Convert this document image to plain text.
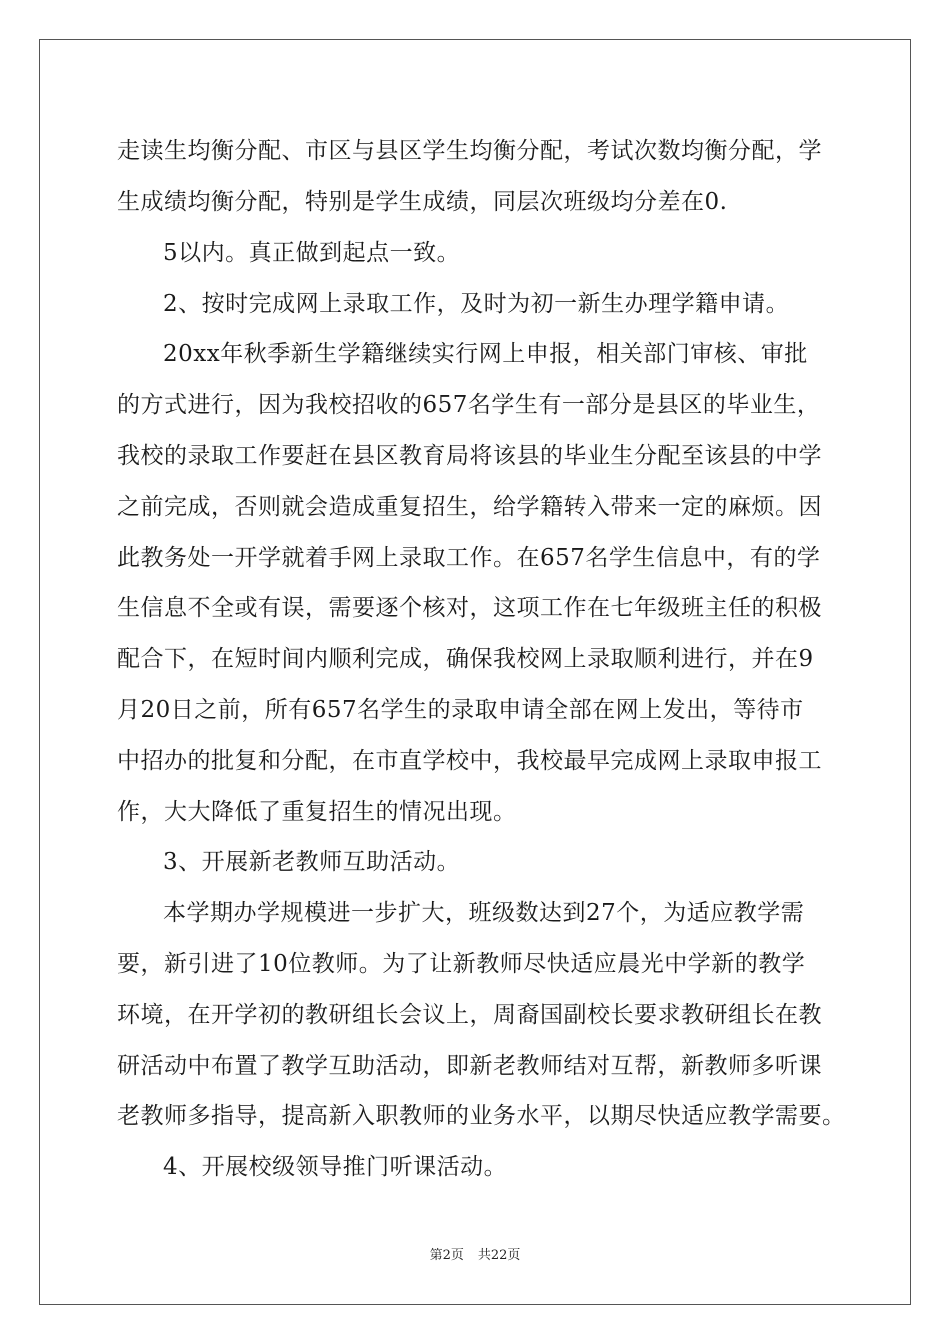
走读生均衡分配、市区与县区学生均衡分配，考试次数均衡分配，学
生成绩均衡分配，特别是学生成绩，同层次班级均分差在0.
5以内。真正做到起点一致。
2、按时完成网上录取工作，及时为初一新生办理学籍申请。
20xx年秋季新生学籍继续实行网上申报，相关部门审核、审批
的方式进行，因为我校招收的657名学生有一部分是县区的毕业生，
我校的录取工作要赶在县区教育局将该县的毕业生分配至该县的中学
之前完成，否则就会造成重复招生，给学籍转入带来一定的麻烦。因
此教务处一开学就着手网上录取工作。在657名学生信息中，有的学
生信息不全或有误，需要逐个核对，这项工作在七年级班主任的积极
配合下，在短时间内顺利完成，确保我校网上录取顺利进行，并在9
月20日之前，所有657名学生的录取申请全部在网上发出，等待市
中招办的批复和分配，在市直学校中，我校最早完成网上录取申报工
作，大大降低了重复招生的情况出现。
3、开展新老教师互助活动。
本学期办学规模进一步扩大，班级数达到27个，为适应教学需
要，新引进了10位教师。为了让新教师尽快适应晨光中学新的教学
环境，在开学初的教研组长会议上，周裔国副校长要求教研组长在教
研活动中布置了教学互助活动，即新老教师结对互帮，新教师多听课
老教师多指导，提高新入职教师的业务水平，以期尽快适应教学需要。
4、开展校级领导推门听课活动。
第2页 共22页
